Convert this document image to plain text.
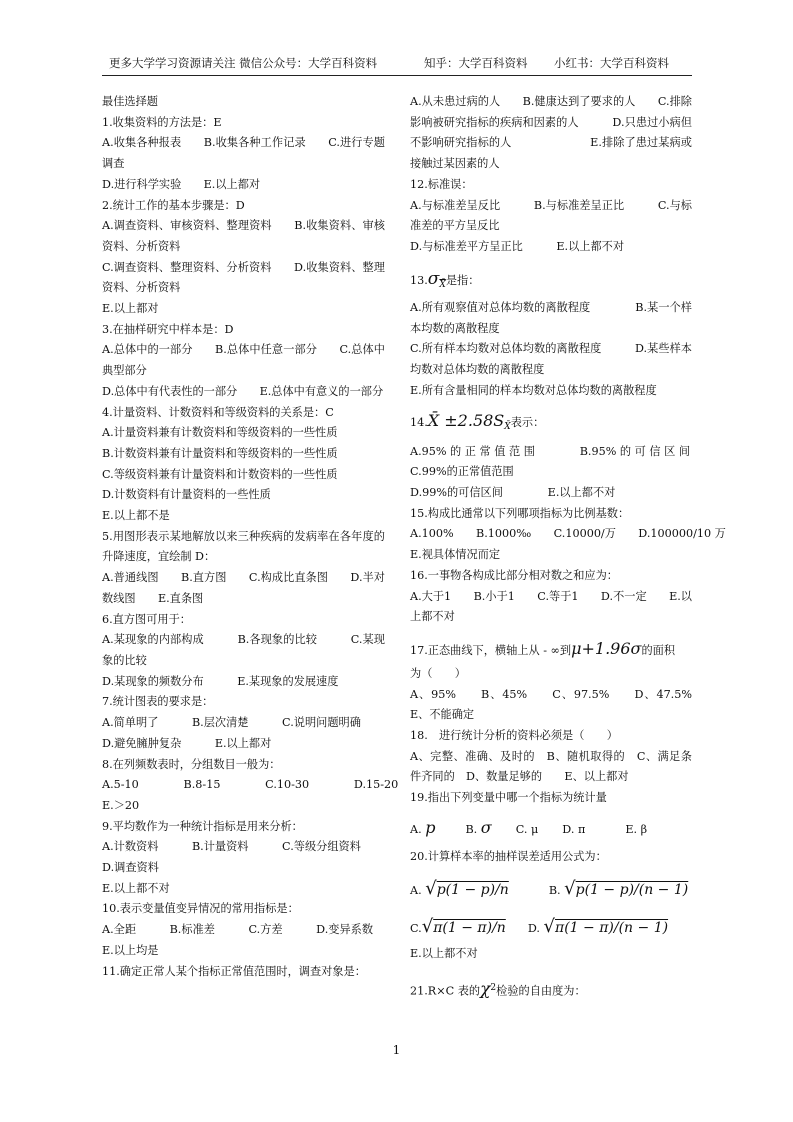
更多大学学习资源请关注 微信公众号：大学百科资料	知乎：大学百科资料 小红书：大学百科资料

最佳选择题

1.收集资料的方法是：E

A.收集各种报表　　B.收集各种工作记录　　C.进行专题调查

D.进行科学实验　　E.以上都对

2.统计工作的基本步骤是：D

A.调查资料、审核资料、整理资料　　B.收集资料、审核资料、分析资料

C.调查资料、整理资料、分析资料　　D.收集资料、整理资料、分析资料

E.以上都对

3.在抽样研究中样本是：D

A.总体中的一部分　　B.总体中任意一部分　　C.总体中典型部分

D.总体中有代表性的一部分　　E.总体中有意义的一部分

4.计量资料、计数资料和等级资料的关系是：C

A.计量资料兼有计数资料和等级资料的一些性质

B.计数资料兼有计量资料和等级资料的一些性质

C.等级资料兼有计量资料和计数资料的一些性质

D.计数资料有计量资料的一些性质

E.以上都不是

5.用图形表示某地解放以来三种疾病的发病率在各年度的升降速度，宜绘制 D：

A.普通线图　　B.直方图　　C.构成比直条图　　D.半对数线图　　E.直条图

6.直方图可用于：

A.某现象的内部构成　　　B.各现象的比较　　　C.某现象的比较

D.某现象的频数分布　　　E.某现象的发展速度

7.统计图表的要求是：

A.简单明了　　　B.层次清楚　　　C.说明问题明确

D.避免臃肿复杂　　　E.以上都对

8.在列频数表时，分组数目一般为：

A.5-10　　　　B.8-15　　　　C.10-30　　　　D.15-20

E.＞20

9.平均数作为一种统计指标是用来分析：

A.计数资料　　　B.计量资料　　　C.等级分组资料

D.调查资料

E.以上都不对

10.表示变量值变异情况的常用指标是：

A.全距　　　B.标准差　　　C.方差　　　D.变异系数

E.以上均是

11.确定正常人某个指标正常值范围时，调查对象是：

A.从未患过病的人　　B.健康达到了要求的人　　C.排除影响被研究指标的疾病和因素的人　　　D.只患过小病但不影响研究指标的人　　　　　　　E.排除了患过某病或接触过某因素的人

12.标准误：

A.与标准差呈反比　　　B.与标准差呈正比　　　C.与标准差的平方呈反比

D.与标准差平方呈正比　　　E.以上都不对

$13.\sigma_{X̄}$是指：

A.所有观察值对总体均数的离散程度　　　　B.某一个样本均数的离散程度

C.所有样本均数对总体均数的离散程度　　　D.某些样本均数对总体均数的离散程度

E.所有含量相同的样本均数对总体均数的离散程度

14.X̄ $\pm 2.58S_{X̄}$表示：

A.95% 的 正 常 值 范 围　　　　B.95% 的 可 信 区 间

C.99%的正常值范围

D.99%的可信区间　　　　E.以上都不对

15.构成比通常以下列哪项指标为比例基数：

A.100%　　B.1000‰　　C.10000/万　　D.100000/10 万

E.视具体情况而定

16.一事物各构成比部分相对数之和应为：

A.大于1　　B.小于1　　C.等于1　　D.不一定　　E.以上都不对

17.正态曲线下，横轴上从 - ∞到μ+1.96σ的面积

为（　　）

A、95%　　B、45%　　C、97.5%　　D、47.5%　　E、不能确定

18.　进行统计分析的资料必须是（　　）

A、完整、准确、及时的　B、随机取得的　C、满足条件齐同的　D、数量足够的　　E、以上都对

19.指出下列变量中哪一个指标为统计量

A. p	B. σ C. μ D. π	E. β

20.计算样本率的抽样误差适用公式为：

A. √p(1 − p)/n	B. √p(1 − p)/(n − 1)

C.√π(1 − π)/n D. √π(1 − π)/(n − 1)

E.以上都不对

21.R×C 表的$\chi^2$检验的自由度为：

1
